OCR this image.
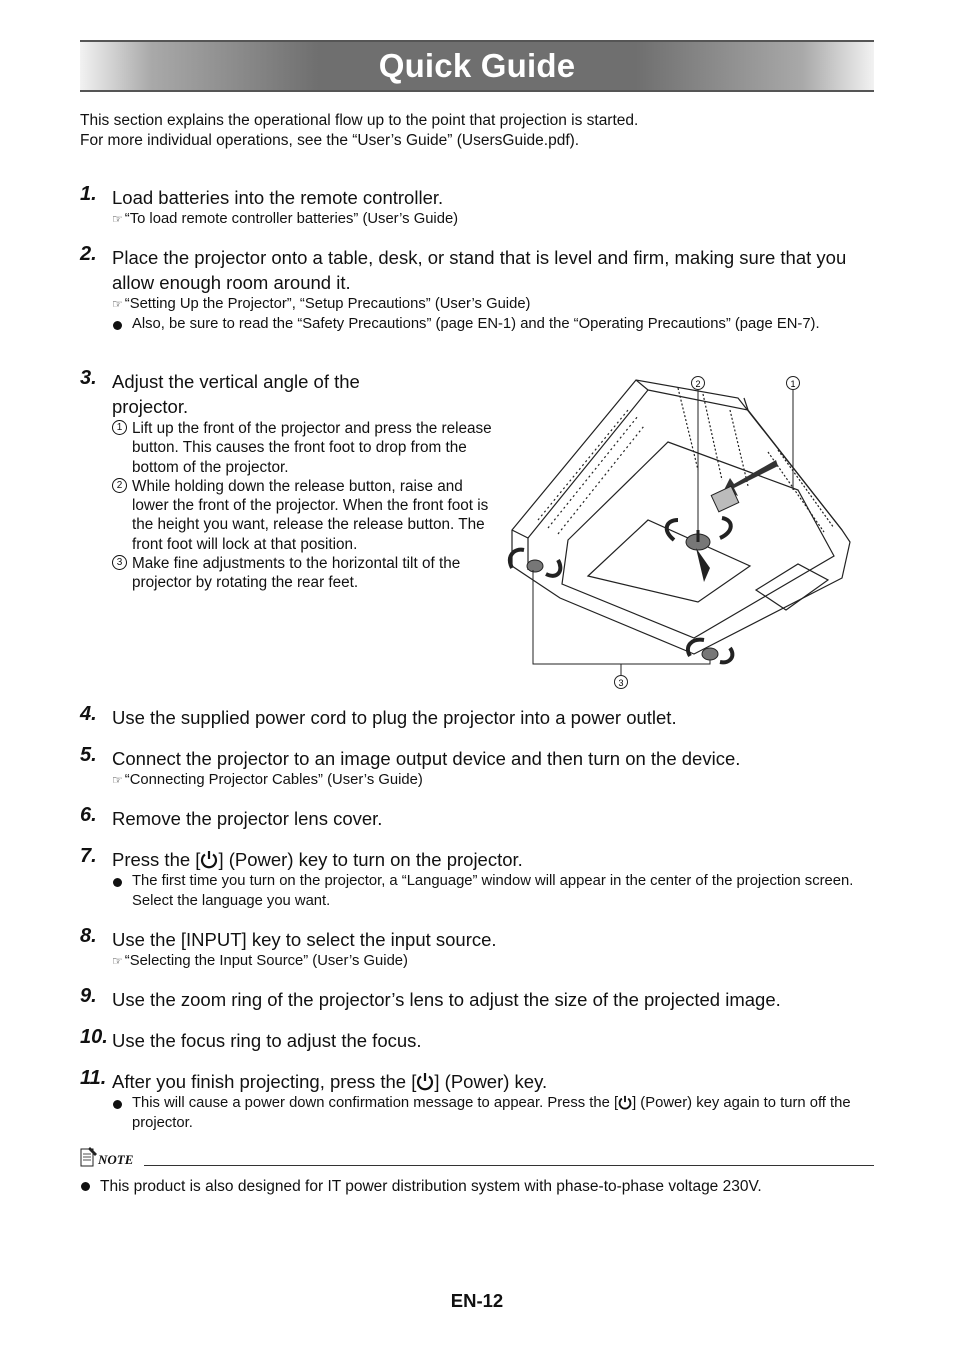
Quick Guide
This section explains the operational flow up to the point that projection is started.
For more individual operations, see the “User’s Guide” (UsersGuide.pdf).
1. Load batteries into the remote controller.
☞ “To load remote controller batteries” (User’s Guide)
2. Place the projector onto a table, desk, or stand that is level and firm, making sure that you allow enough room around it.
☞ “Setting Up the Projector”, “Setup Precautions” (User’s Guide)
Also, be sure to read the “Safety Precautions” (page EN-1) and the “Operating Precautions” (page EN-7).
3. Adjust the vertical angle of the projector.
1 Lift up the front of the projector and press the release button. This causes the front foot to drop from the bottom of the projector.
2 While holding down the release button, raise and lower the front of the projector. When the front foot is the height you want, release the release button. The front foot will lock at that position.
3 Make fine adjustments to the horizontal tilt of the projector by rotating the rear feet.
2	1
3
4. Use the supplied power cord to plug the projector into a power outlet.
5. Connect the projector to an image output device and then turn on the device.
☞ “Connecting Projector Cables” (User’s Guide)
6. Remove the projector lens cover.
7. Press the [ ] (Power) key to turn on the projector.
The first time you turn on the projector, a “Language” window will appear in the center of the projection screen. Select the language you want.
8. Use the [INPUT] key to select the input source.
☞ “Selecting the Input Source” (User’s Guide)
9. Use the zoom ring of the projector’s lens to adjust the size of the projected image.
10. Use the focus ring to adjust the focus.
11. After you finish projecting, press the [ ] (Power) key.
This will cause a power down confirmation message to appear. Press the [ ] (Power) key again to turn off the projector.
NOTE
This product is also designed for IT power distribution system with phase-to-phase voltage 230V.
EN-12
